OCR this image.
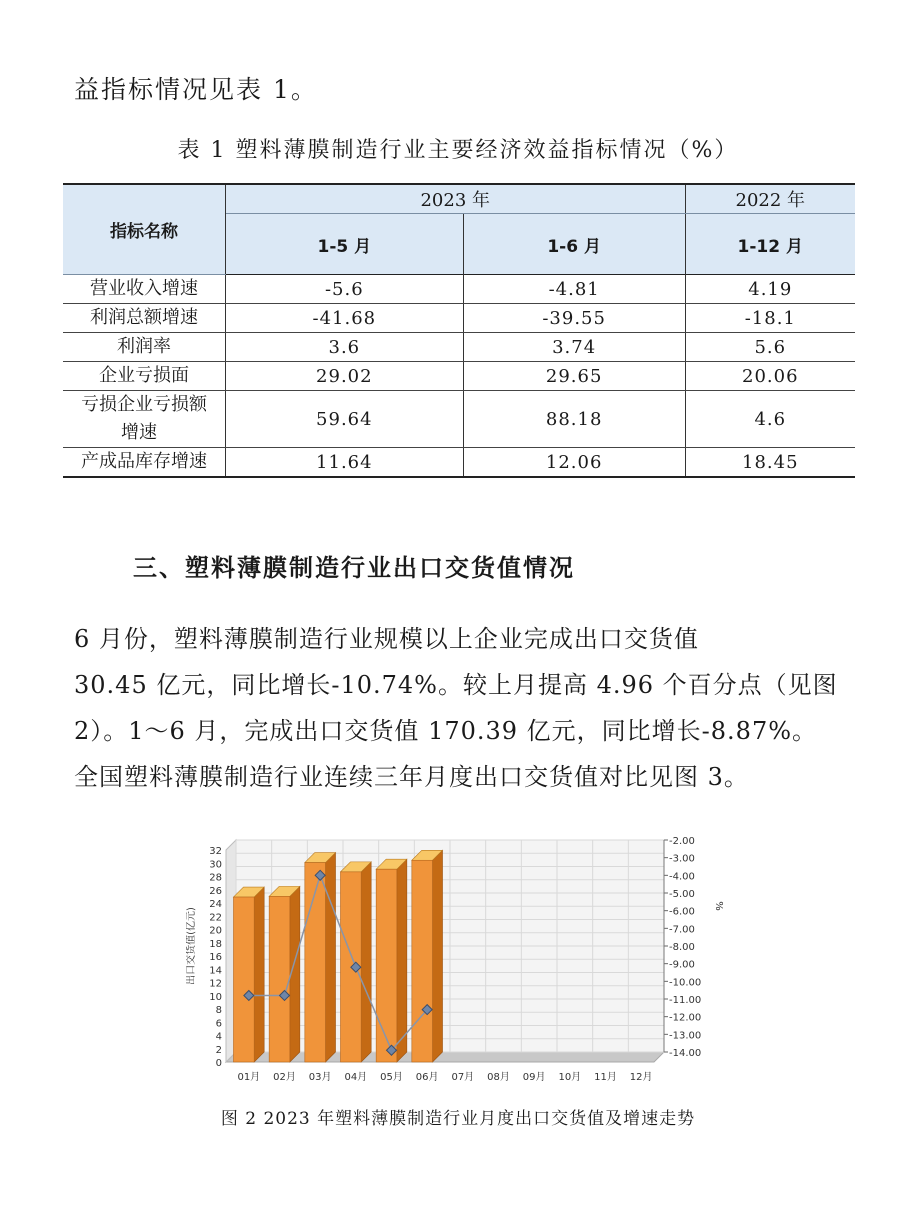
益指标情况见表 1。
表 1 塑料薄膜制造行业主要经济效益指标情况（%）
指标名称	2023 年		2022 年
	1-5 月	1-6 月	1-12 月
营业收入增速	-5.6	-4.81	4.19
利润总额增速	-41.68	-39.55	-18.1
利润率	3.6	3.74	5.6
企业亏损面	29.02	29.65	20.06

亏损企业亏损额
增速	59.64	88.18	4.6
产成品库存增速	11.64	12.06	18.45
三、塑料薄膜制造行业出口交货值情况
6 月份，塑料薄膜制造行业规模以上企业完成出口交货值
30.45 亿元，同比增长-10.74%。较上月提高 4.96 个百分点（见图
2）。1～6 月，完成出口交货值 170.39 亿元，同比增长-8.87%。
全国塑料薄膜制造行业连续三年月度出口交货值对比见图 3。
0
2
4
6
8
10
12
14
16
18
20
22
24
26
28
30
32
-2.00
-3.00
-4.00
-5.00
-6.00
-7.00
-8.00
-9.00
-10.00
-11.00
-12.00
-13.00
-14.00
出口交货值(亿元)
%
01月 02月 03月 04月 05月 06月 07月 08月 09月 10月 11月 12月
图 2 2023 年塑料薄膜制造行业月度出口交货值及增速走势
